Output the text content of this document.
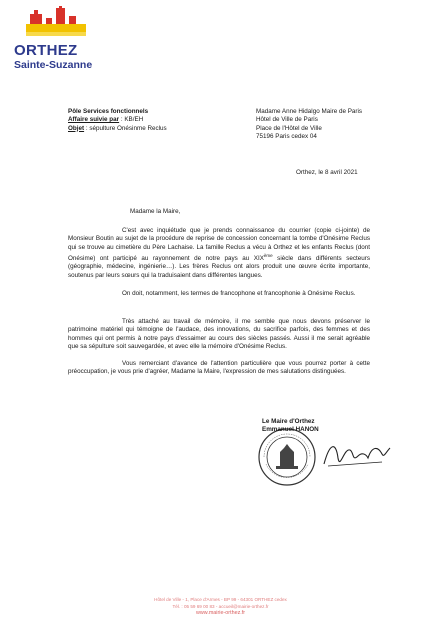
ORTHEZ
Sainte-Suzanne
Pôle Services fonctionnels
Affaire suivie par : KB/EH
Objet : sépulture Onésinme Reclus
Madame Anne Hidalgo Maire de Paris
Hôtel de Ville de Paris
Place de l'Hôtel de Ville
75196 Paris cedex 04
Orthez, le 8 avril 2021
Madame la Maire,
C'est avec inquiétude que je prends connaissance du courrier (copie ci-jointe) de Monsieur Boutin au sujet de la procédure de reprise de concession concernant la tombe d'Onésime Reclus qui se trouve au cimetière du Père Lachaise. La famille Reclus a vécu à Orthez et les enfants Reclus (dont Onésime) ont participé au rayonnement de notre pays au XIXème siècle dans différents secteurs (géographie, médecine, ingénierie…). Les frères Reclus ont alors produit une œuvre écrite importante, soutenus par leurs sœurs qui la traduisaient dans différentes langues.
On doit, notamment, les termes de francophone et francophonie à Onésime Reclus.
Très attaché au travail de mémoire, il me semble que nous devons préserver le patrimoine matériel qui témoigne de l'audace, des innovations, du sacrifice parfois, des femmes et des hommes qui ont permis à notre pays d'essaimer au cours des siècles passés. Aussi il me serait agréable que sa sépulture soit sauvegardée, et avec elle la mémoire d'Onésime Reclus.
Vous remerciant d'avance de l'attention particulière que vous pourrez porter à cette préoccupation, je vous prie d'agréer, Madame la Maire, l'expression de mes salutations distinguées.
Le Maire d'Orthez
Emmanuel HANON
Hôtel de Ville - 1, Place d'Armes - BP 99 - 64301 ORTHEZ cedex
Tél. : 05 59 69 00 83 - accueil@mairie-orthez.fr
www.mairie-orthez.fr
